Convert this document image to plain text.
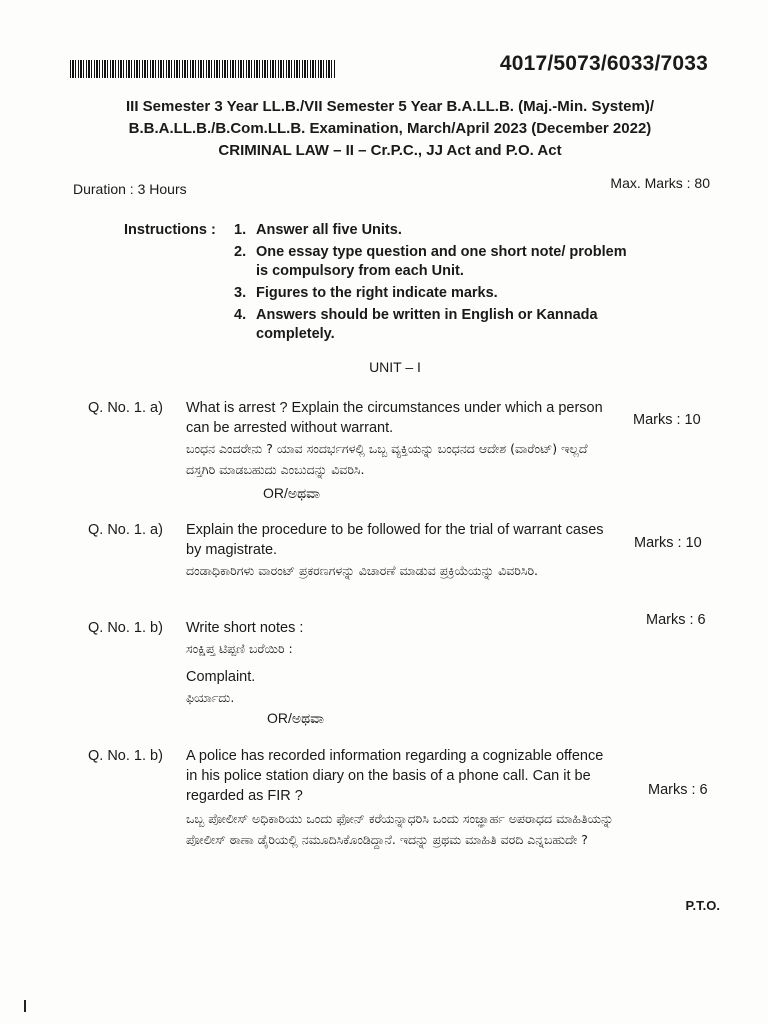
4017/5073/6033/7033
III Semester 3 Year LL.B./VII Semester 5 Year B.A.LL.B. (Maj.-Min. System)/
B.B.A.LL.B./B.Com.LL.B. Examination, March/April 2023 (December 2022)
CRIMINAL LAW – II – Cr.P.C., JJ Act and P.O. Act
Duration : 3 Hours	Max. Marks : 80
Instructions : 1. Answer all five Units.
2. One essay type question and one short note/ problem is compulsory from each Unit.
3. Figures to the right indicate marks.
4. Answers should be written in English or Kannada completely.
UNIT – I
Q. No. 1. a) What is arrest ? Explain the circumstances under which a person can be arrested without warrant.
ಬಂಧನ ಎಂದರೇನು ? ಯಾವ ಸಂದರ್ಭಗಳಲ್ಲಿ ಒಬ್ಬ ವ್ಯಕ್ತಿಯನ್ನು ಬಂಧನದ ಆದೇಶ (ವಾರೆಂಟ್) ಇಲ್ಲದೆ ದಸ್ತಗಿರಿ ಮಾಡಬಹುದು ಎಂಬುದನ್ನು ವಿವರಿಸಿ.
Marks : 10
OR/ಅಥವಾ
Q. No. 1. a) Explain the procedure to be followed for the trial of warrant cases by magistrate.
ದಂಡಾಧಿಕಾರಿಗಳು ವಾರಂಟ್ ಪ್ರಕರಣಗಳನ್ನು ವಿಚಾರಣೆ ಮಾಡುವ ಪ್ರಕ್ರಿಯೆಯನ್ನು ವಿವರಿಸಿರಿ.
Marks : 10
Q. No. 1. b) Write short notes :
ಸಂಕ್ಷಿಪ್ತ ಟಿಪ್ಪಣಿ ಬರೆಯಿರಿ :
Complaint.
ಫಿರ್ಯಾದು.
Marks : 6
OR/ಅಥವಾ
Q. No. 1. b) A police has recorded information regarding a cognizable offence in his police station diary on the basis of a phone call. Can it be regarded as FIR ?
ಒಬ್ಬ ಪೋಲೀಸ್ ಅಧಿಕಾರಿಯು ಒಂದು ಫೋನ್ ಕರೆಯನ್ನಾಧರಿಸಿ ಒಂದು ಸಂಜ್ಞಾರ್ಹ ಅಪರಾಧದ ಮಾಹಿತಿಯನ್ನು ಪೋಲೀಸ್ ಠಾಣಾ ಡೈರಿಯಲ್ಲಿ ನಮೂದಿಸಿಕೊಂಡಿದ್ದಾನೆ. ಇದನ್ನು ಪ್ರಥಮ ಮಾಹಿತಿ ವರದಿ ಎನ್ನಬಹುದೇ ?
Marks : 6
P.T.O.
